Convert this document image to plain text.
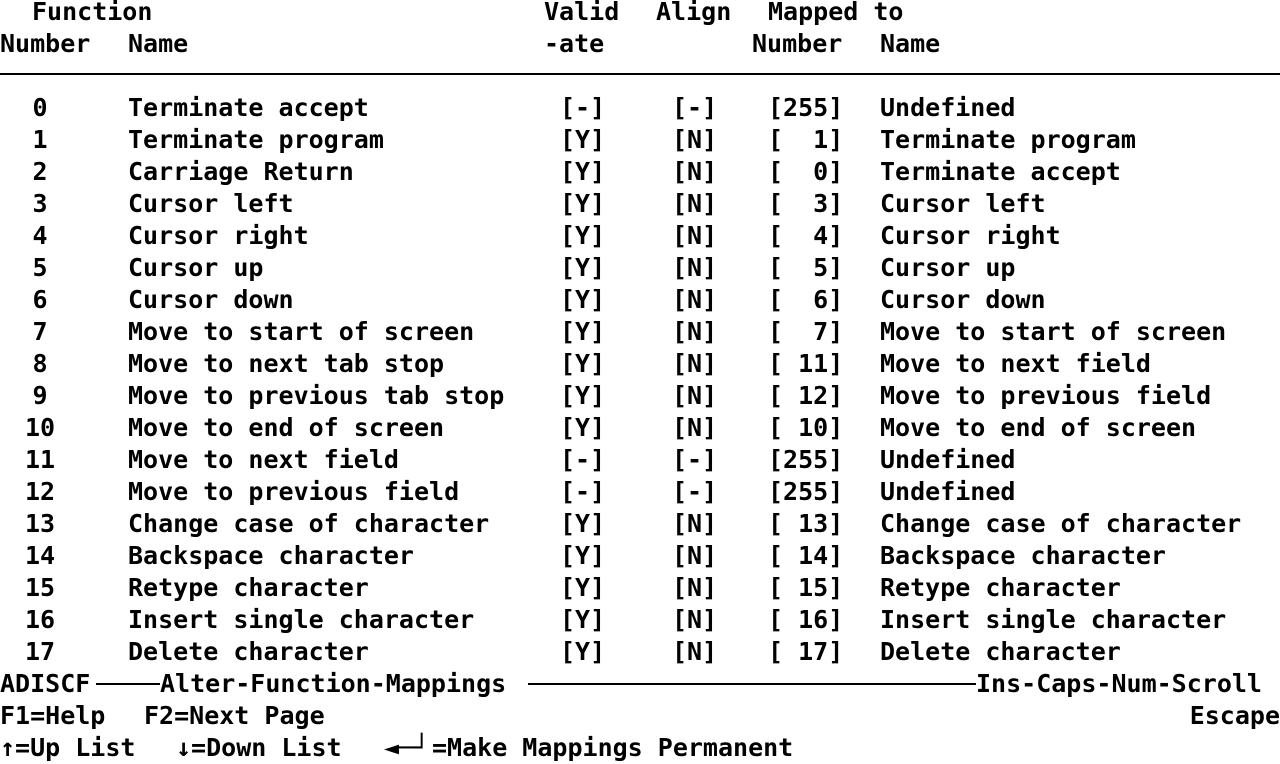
Function
Number Name
Valid
-ate
Align Mapped to
Number Name
0	Terminate accept	[-]	[-] [255]	Undefined
1	Terminate program	[Y]	[N] [  1]	Terminate program
2	Carriage Return	[Y]	[N] [  0]	Terminate accept
3	Cursor left	[Y]	[N] [  3]	Cursor left
4	Cursor right	[Y]	[N] [  4]	Cursor right
5	Cursor up	[Y]	[N] [  5]	Cursor up
6	Cursor down	[Y]	[N] [  6]	Cursor down
7	Move to start of screen	[Y]	[N] [  7]	Move to start of screen
8	Move to next tab stop	[Y]	[N] [ 11]	Move to next field
9	Move to previous tab stop	[Y]	[N] [ 12]	Move to previous field
10	Move to end of screen	[Y]	[N] [ 10]	Move to end of screen
11	Move to next field	[-]	[-] [255]	Undefined
12	Move to previous field	[-]	[-] [255]	Undefined
13	Change case of character	[Y]	[N] [ 13]	Change case of character
14	Backspace character	[Y]	[N] [ 14]	Backspace character
15	Retype character	[Y]	[N] [ 15]	Retype character
16	Insert single character	[Y]	[N] [ 16]	Insert single character
17	Delete character	[Y]	[N] [ 17]	Delete character
ADISCF	Alter-Function-Mappings	Ins-Caps-Num-Scroll
F1=Help F2=Next Page	Escape
↑=Up List ↓=Down List ◄─┘ =Make Mappings Permanent
